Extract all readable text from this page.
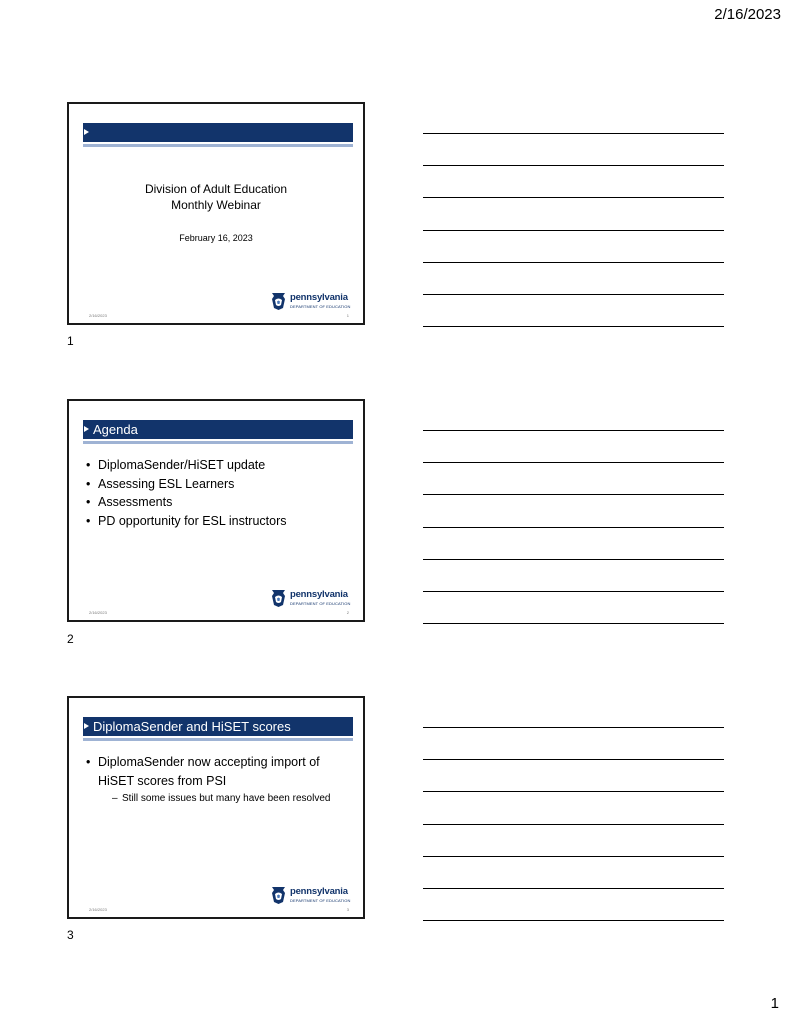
2/16/2023
Division of Adult Education
Monthly Webinar
February 16, 2023
pennsylvania
DEPARTMENT OF EDUCATION
2/16/2023	1
1
Agenda
• DiplomaSender/HiSET update
• Assessing ESL Learners
• Assessments
• PD opportunity for ESL instructors
pennsylvania
DEPARTMENT OF EDUCATION
2/16/2023	2
2
DiplomaSender and HiSET scores
• DiplomaSender now accepting import of HiSET scores from PSI
– Still some issues but many have been resolved
pennsylvania
DEPARTMENT OF EDUCATION
2/16/2023	3
3
1
